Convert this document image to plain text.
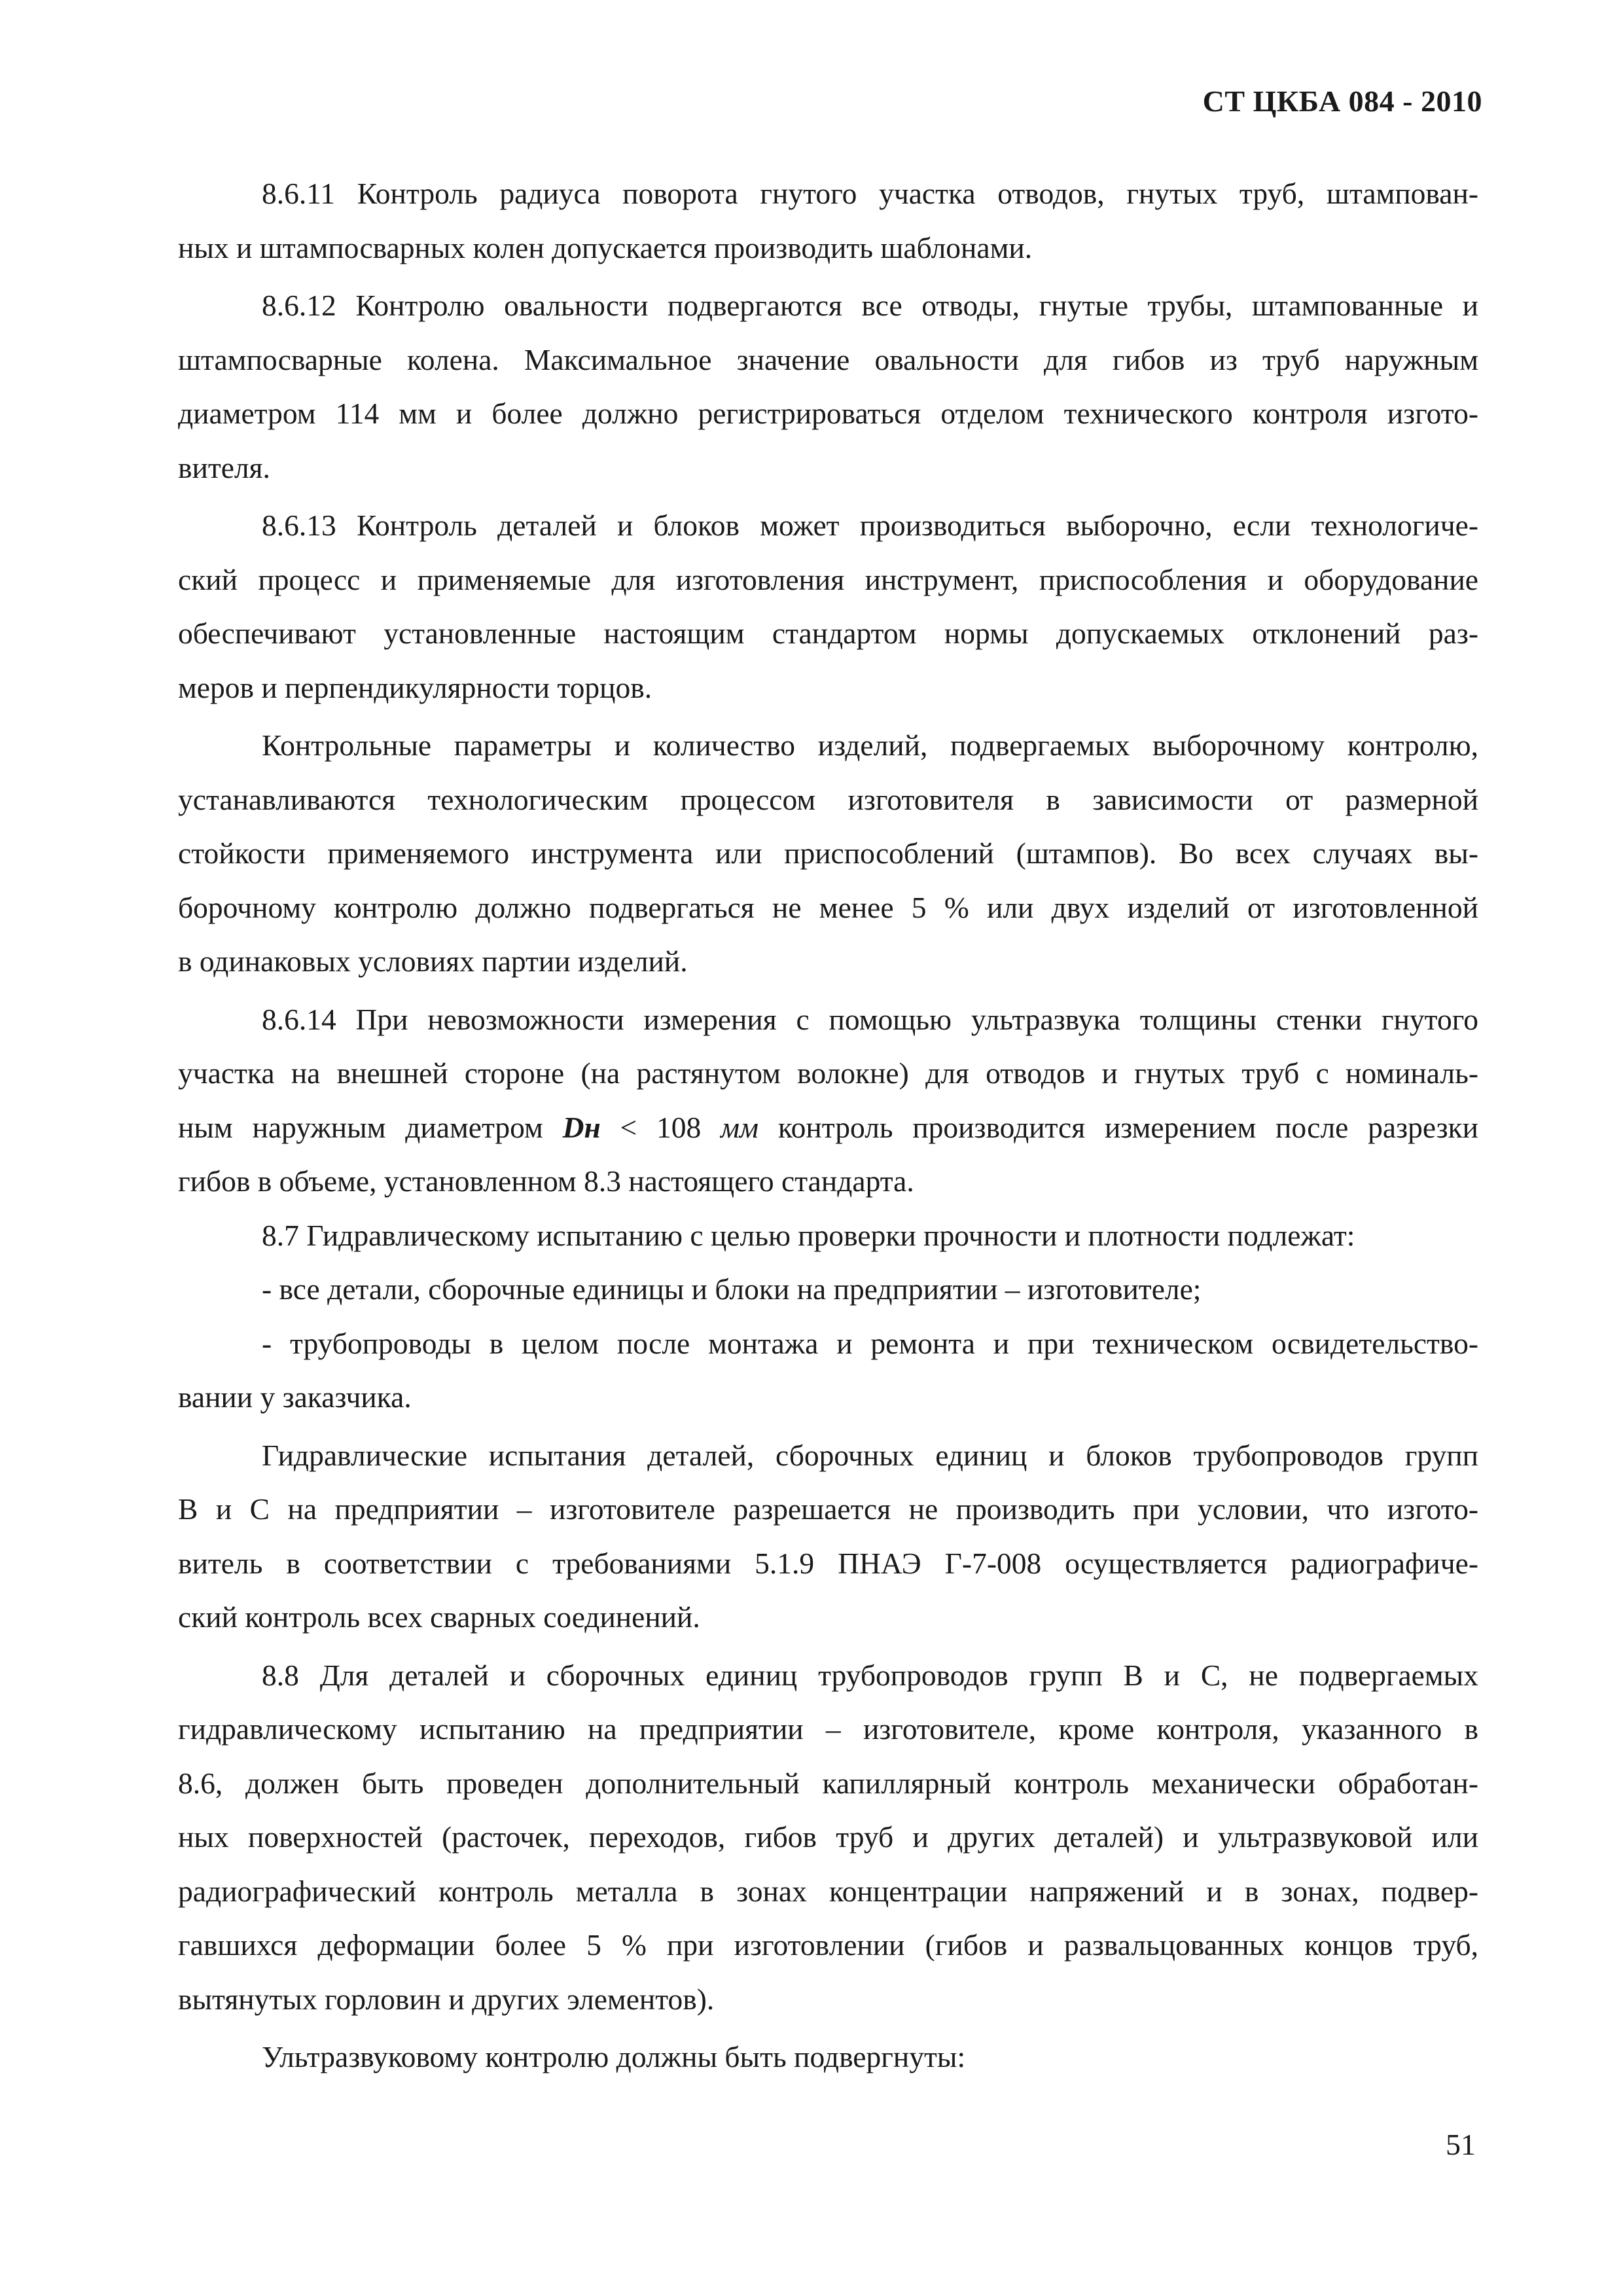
СТ ЦКБА 084 - 2010

8.6.11 Контроль радиуса поворота гнутого участка отводов, гнутых труб, штампован-
ных и штампосварных колен допускается производить шаблонами.

8.6.12 Контролю овальности подвергаются все отводы, гнутые трубы, штампованные и
штампосварные колена. Максимальное значение овальности для гибов из труб наружным
диаметром 114 мм и более должно регистрироваться отделом технического контроля изгото-
вителя.

8.6.13 Контроль деталей и блоков может производиться выборочно, если технологиче-
ский процесс и применяемые для изготовления инструмент, приспособления и оборудование
обеспечивают установленные настоящим стандартом нормы допускаемых отклонений раз-
меров и перпендикулярности торцов.

Контрольные параметры и количество изделий, подвергаемых выборочному контролю,
устанавливаются технологическим процессом изготовителя в зависимости от размерной
стойкости применяемого инструмента или приспособлений (штампов). Во всех случаях вы-
борочному контролю должно подвергаться не менее 5 % или двух изделий от изготовленной
в одинаковых условиях партии изделий.

8.6.14 При невозможности измерения с помощью ультразвука толщины стенки гнутого
участка на внешней стороне (на растянутом волокне) для отводов и гнутых труб с номиналь-
ным наружным диаметром Dн < 108 мм контроль производится измерением после разрезки
гибов в объеме, установленном 8.3 настоящего стандарта.

8.7 Гидравлическому испытанию с целью проверки прочности и плотности подлежат:

- все детали, сборочные единицы и блоки на предприятии – изготовителе;

- трубопроводы в целом после монтажа и ремонта и при техническом освидетельство-
вании у заказчика.

Гидравлические испытания деталей, сборочных единиц и блоков трубопроводов групп
В и С на предприятии – изготовителе разрешается не производить при условии, что изгото-
витель в соответствии с требованиями 5.1.9 ПНАЭ Г-7-008 осуществляется радиографиче-
ский контроль всех сварных соединений.

8.8 Для деталей и сборочных единиц трубопроводов групп В и С, не подвергаемых
гидравлическому испытанию на предприятии – изготовителе, кроме контроля, указанного в
8.6, должен быть проведен дополнительный капиллярный контроль механически обработан-
ных поверхностей (расточек, переходов, гибов труб и других деталей) и ультразвуковой или
радиографический контроль металла в зонах концентрации напряжений и в зонах, подвер-
гавшихся деформации более 5 % при изготовлении (гибов и развальцованных концов труб,
вытянутых горловин и других элементов).

Ультразвуковому контролю должны быть подвергнуты:

51
